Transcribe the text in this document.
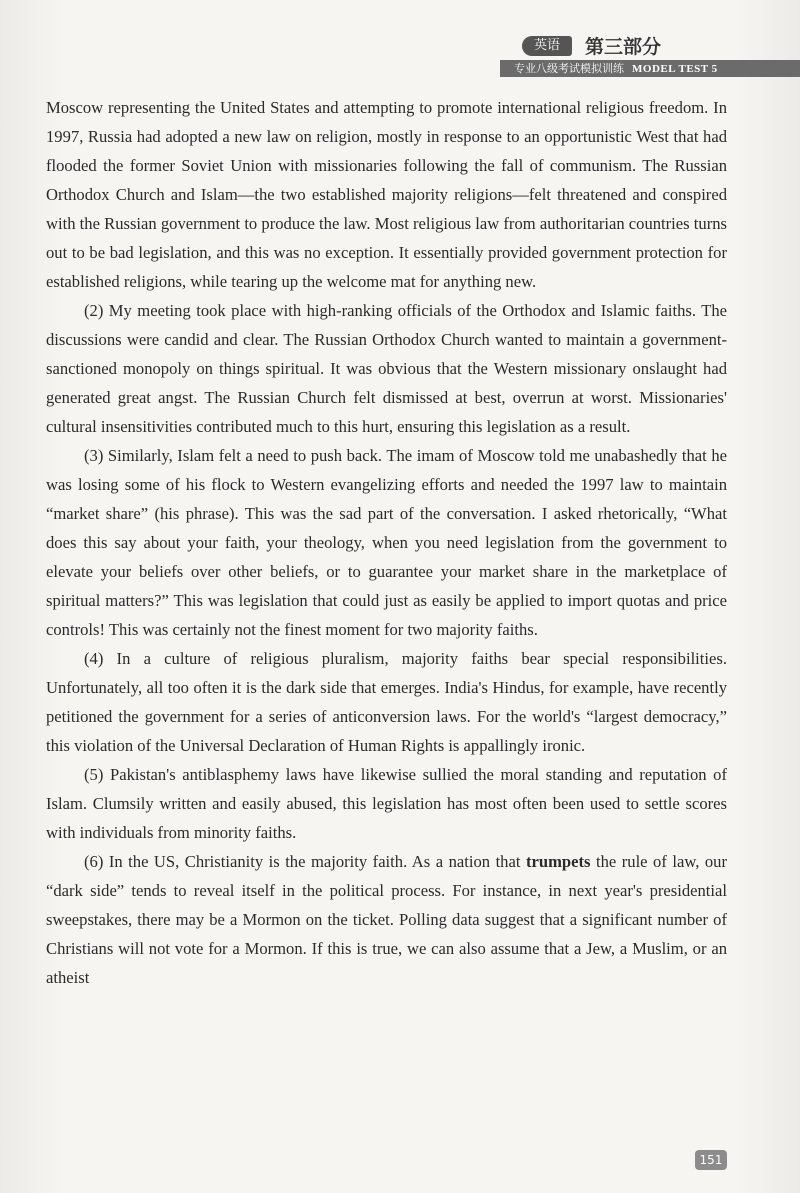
英语	第三部分
专业八级考试模拟训练 MODEL TEST 5

Moscow representing the United States and attempting to promote international religious freedom. In 1997, Russia had adopted a new law on religion, mostly in response to an opportunistic West that had flooded the former Soviet Union with missionaries following the fall of communism. The Russian Orthodox Church and Islam—the two established majority religions—felt threatened and conspired with the Russian government to produce the law. Most religious law from authoritarian countries turns out to be bad legislation, and this was no exception. It essentially provided government protection for established religions, while tearing up the welcome mat for anything new.

(2) My meeting took place with high-ranking officials of the Orthodox and Islamic faiths. The discussions were candid and clear. The Russian Orthodox Church wanted to maintain a government-sanctioned monopoly on things spiritual. It was obvious that the Western missionary onslaught had generated great angst. The Russian Church felt dismissed at best, overrun at worst. Missionaries' cultural insensitivities contributed much to this hurt, ensuring this legislation as a result.

(3) Similarly, Islam felt a need to push back. The imam of Moscow told me unabashedly that he was losing some of his flock to Western evangelizing efforts and needed the 1997 law to maintain “market share” (his phrase). This was the sad part of the conversation. I asked rhetorically, “What does this say about your faith, your theology, when you need legislation from the government to elevate your beliefs over other beliefs, or to guarantee your market share in the marketplace of spiritual matters?” This was legislation that could just as easily be applied to import quotas and price controls! This was certainly not the finest moment for two majority faiths.

(4) In a culture of religious pluralism, majority faiths bear special responsibilities. Unfortunately, all too often it is the dark side that emerges. India's Hindus, for example, have recently petitioned the government for a series of anticonversion laws. For the world's “largest democracy,” this violation of the Universal Declaration of Human Rights is appallingly ironic.

(5) Pakistan's antiblasphemy laws have likewise sullied the moral standing and reputation of Islam. Clumsily written and easily abused, this legislation has most often been used to settle scores with individuals from minority faiths.

(6) In the US, Christianity is the majority faith. As a nation that trumpets the rule of law, our “dark side” tends to reveal itself in the political process. For instance, in next year's presidential sweepstakes, there may be a Mormon on the ticket. Polling data suggest that a significant number of Christians will not vote for a Mormon. If this is true, we can also assume that a Jew, a Muslim, or an atheist

151
